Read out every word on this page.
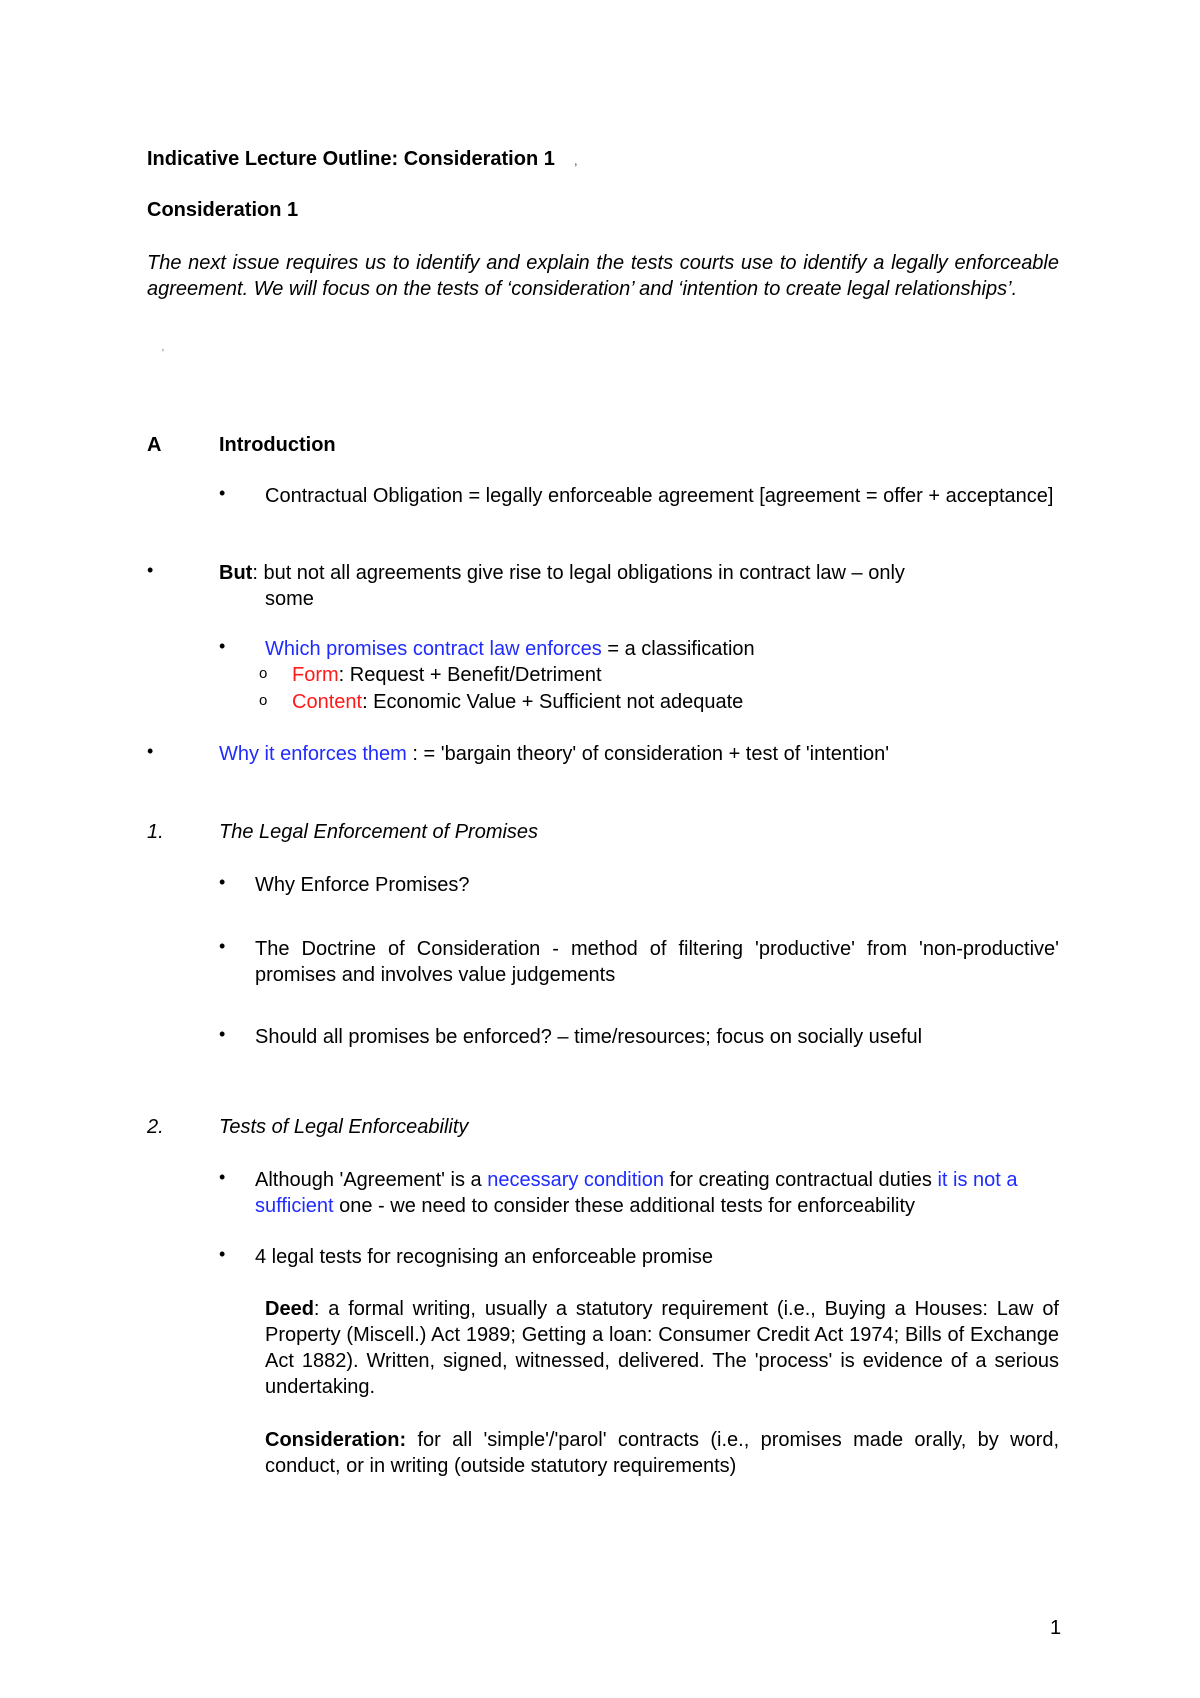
Indicative Lecture Outline: Consideration 1 ,
Consideration 1
The next issue requires us to identify and explain the tests courts use to identify a legally enforceable agreement. We will focus on the tests of ‘consideration’ and ‘intention to create legal relationships’.
'
A	Introduction
• Contractual Obligation = legally enforceable agreement [agreement = offer + acceptance]
•	But: but not all agreements give rise to legal obligations in contract law – only
some
• Which promises contract law enforces = a classification
o Form: Request + Benefit/Detriment
o Content: Economic Value + Sufficient not adequate
•	Why it enforces them : = 'bargain theory' of consideration + test of 'intention'
1.	The Legal Enforcement of Promises
• Why Enforce Promises?
• The Doctrine of Consideration - method of filtering 'productive' from 'non-productive' promises and involves value judgements
• Should all promises be enforced? – time/resources; focus on socially useful
2.	Tests of Legal Enforceability
• Although 'Agreement' is a necessary condition for creating contractual duties it is not a sufficient one - we need to consider these additional tests for enforceability
• 4 legal tests for recognising an enforceable promise
Deed: a formal writing, usually a statutory requirement (i.e., Buying a Houses: Law of Property (Miscell.) Act 1989; Getting a loan: Consumer Credit Act 1974; Bills of Exchange Act 1882). Written, signed, witnessed, delivered. The 'process' is evidence of a serious undertaking.
Consideration: for all 'simple'/'parol' contracts (i.e., promises made orally, by word, conduct, or in writing (outside statutory requirements)
1
